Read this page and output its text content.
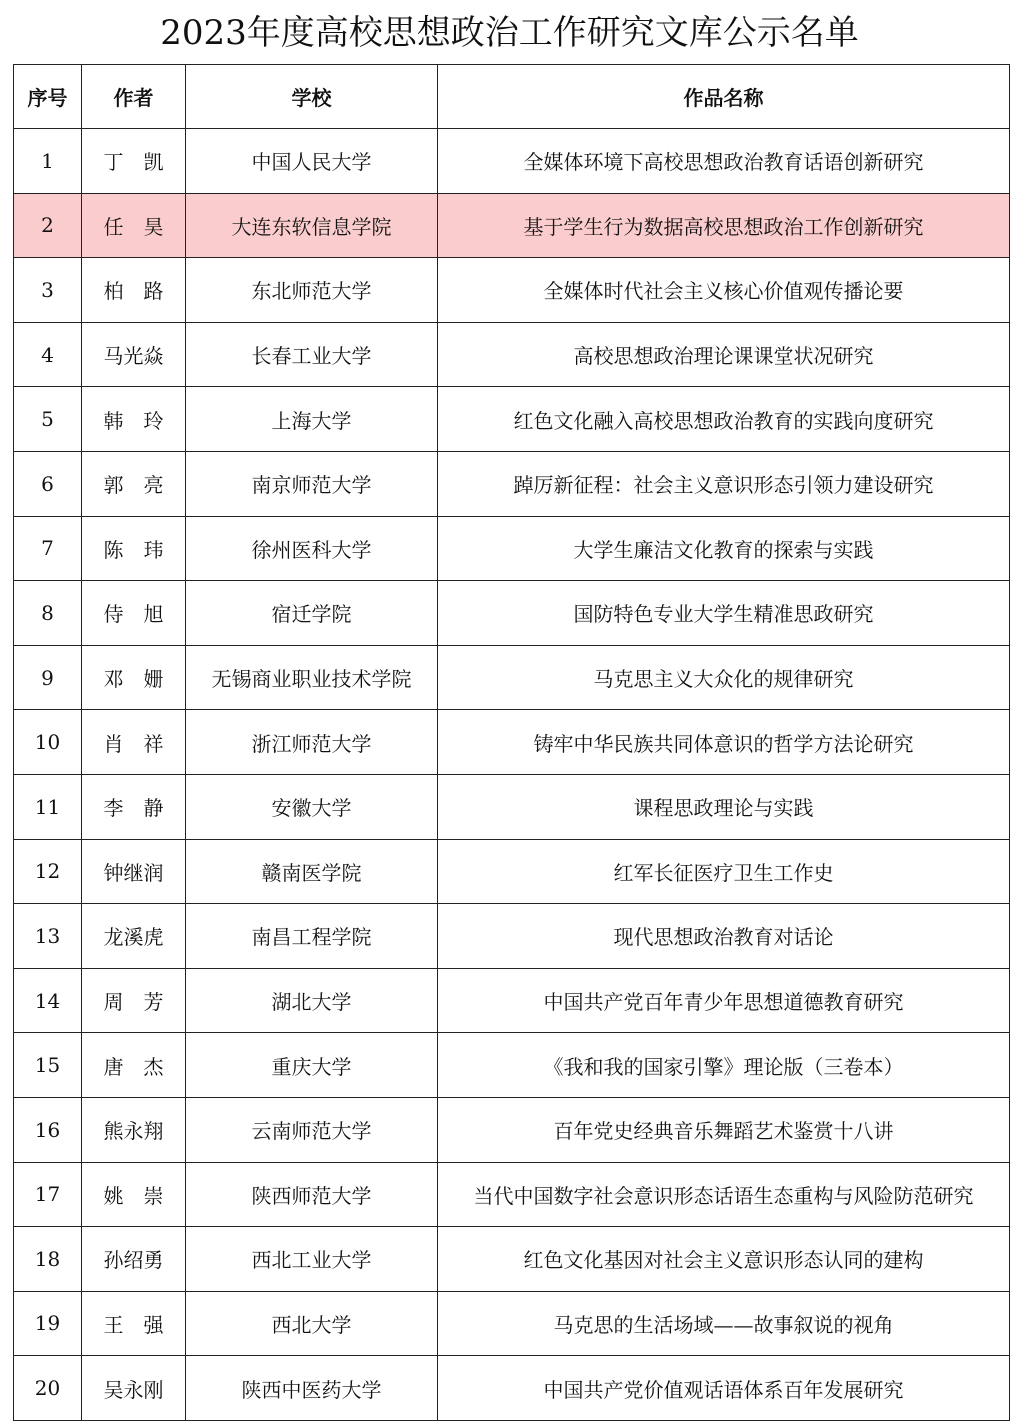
2023年度高校思想政治工作研究文库公示名单
序号	作者	学校	作品名称
1	丁　凯	中国人民大学	全媒体环境下高校思想政治教育话语创新研究
2	任　昊	大连东软信息学院	基于学生行为数据高校思想政治工作创新研究
3	柏　路	东北师范大学	全媒体时代社会主义核心价值观传播论要
4	马光焱	长春工业大学	高校思想政治理论课课堂状况研究
5	韩　玲	上海大学	红色文化融入高校思想政治教育的实践向度研究
6	郭　亮	南京师范大学	踔厉新征程：社会主义意识形态引领力建设研究
7	陈　玮	徐州医科大学	大学生廉洁文化教育的探索与实践
8	侍　旭	宿迁学院	国防特色专业大学生精准思政研究
9	邓　姗	无锡商业职业技术学院	马克思主义大众化的规律研究
10	肖　祥	浙江师范大学	铸牢中华民族共同体意识的哲学方法论研究
11	李　静	安徽大学	课程思政理论与实践
12	钟继润	赣南医学院	红军长征医疗卫生工作史
13	龙溪虎	南昌工程学院	现代思想政治教育对话论
14	周　芳	湖北大学	中国共产党百年青少年思想道德教育研究
15	唐　杰	重庆大学	《我和我的国家引擎》理论版（三卷本）
16	熊永翔	云南师范大学	百年党史经典音乐舞蹈艺术鉴赏十八讲
17	姚　崇	陕西师范大学	当代中国数字社会意识形态话语生态重构与风险防范研究
18	孙绍勇	西北工业大学	红色文化基因对社会主义意识形态认同的建构
19	王　强	西北大学	马克思的生活场域——故事叙说的视角
20	吴永刚	陕西中医药大学	中国共产党价值观话语体系百年发展研究
